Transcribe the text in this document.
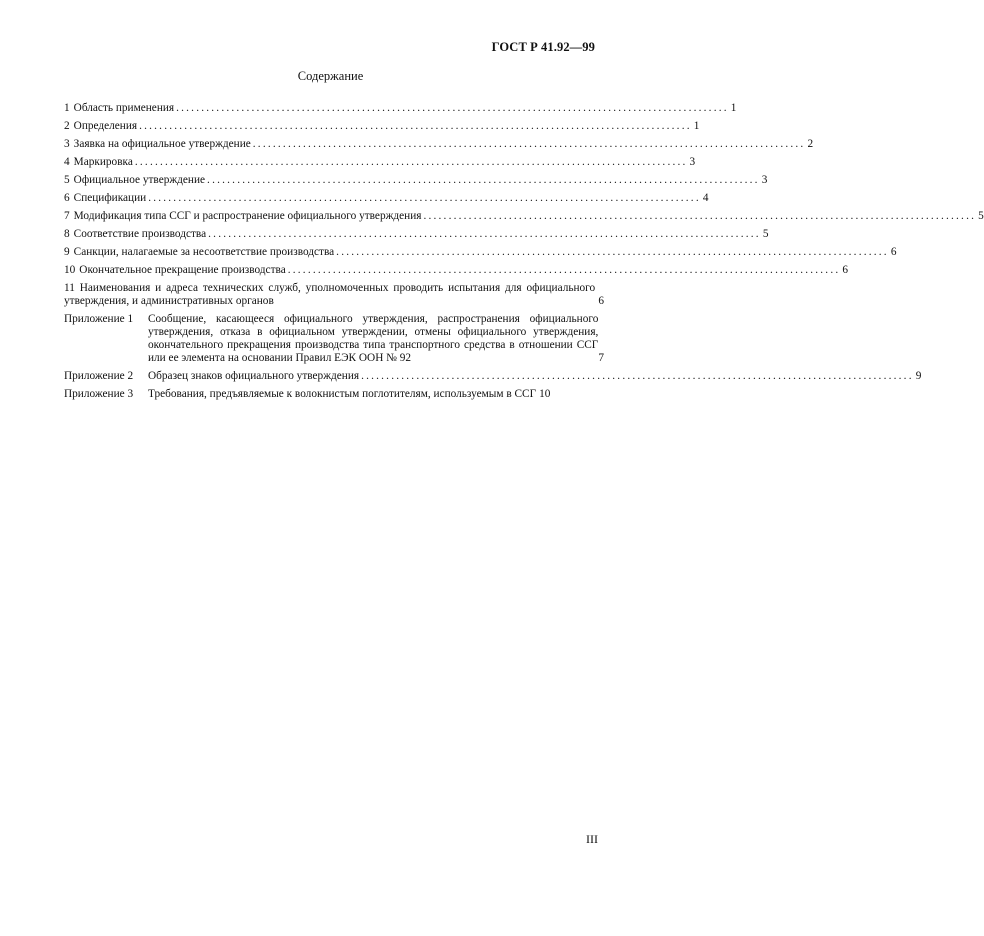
ГОСТ Р 41.92—99
Содержание
1 Область применения .............................................................................................................. 1
2 Определения .............................................................................................................. 1
3 Заявка на официальное утверждение .............................................................................................................. 2
4 Маркировка .............................................................................................................. 3
5 Официальное утверждение .............................................................................................................. 3
6 Спецификации .............................................................................................................. 4
7 Модификация типа ССГ и распространение официального утверждения .............................................................................................................. 5
8 Соответствие производства .............................................................................................................. 5
9 Санкции, налагаемые за несоответствие производства .............................................................................................................. 6
10 Окончательное прекращение производства .............................................................................................................. 6
11 Наименования и адреса технических служб, уполномоченных проводить испытания для официального утверждения, и административных органов	6
Приложение 1	Сообщение, касающееся официального утверждения, распространения официального утверждения, отказа в официальном утверждении, отмены официального утверждения, окончательного прекращения производства типа транспортного средства в отношении ССГ или ее элемента на основании Правил ЕЭК ООН № 92	7
Приложение 2	Образец знаков официального утверждения .............................................................................................................. 9
Приложение 3	Требования, предъявляемые к волокнистым поглотителям, используемым в ССГ 10
III
